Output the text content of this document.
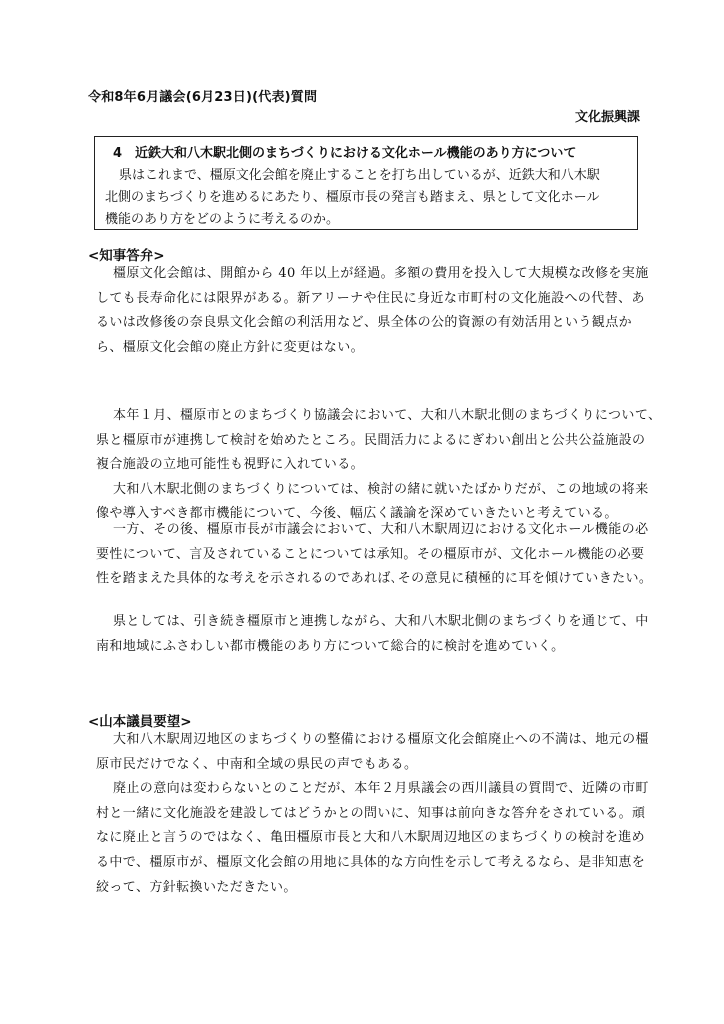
令和8年6月議会(6月23日)(代表)質問
文化振興課
4　近鉄大和八木駅北側のまちづくりにおける文化ホール機能のあり方について
県はこれまで、橿原文化会館を廃止することを打ち出しているが、近鉄大和八木駅
北側のまちづくりを進めるにあたり、橿原市長の発言も踏まえ、県として文化ホール
機能のあり方をどのように考えるのか。
<知事答弁>
橿原文化会館は、開館から 40 年以上が経過。多額の費用を投入して大規模な改修を実施
しても長寿命化には限界がある。新アリーナや住民に身近な市町村の文化施設への代替、あ
るいは改修後の奈良県文化会館の利活用など、県全体の公的資源の有効活用という観点か
ら、橿原文化会館の廃止方針に変更はない。
本年１月、橿原市とのまちづくり協議会において、大和八木駅北側のまちづくりについて、
県と橿原市が連携して検討を始めたところ。民間活力によるにぎわい創出と公共公益施設の
複合施設の立地可能性も視野に入れている。
大和八木駅北側のまちづくりについては、検討の緒に就いたばかりだが、この地域の将来
像や導入すべき都市機能について、今後、幅広く議論を深めていきたいと考えている。
一方、その後、橿原市長が市議会において、大和八木駅周辺における文化ホール機能の必
要性について、言及されていることについては承知。その橿原市が、文化ホール機能の必要
性を踏まえた具体的な考えを示されるのであれば､その意見に積極的に耳を傾けていきたい。
県としては、引き続き橿原市と連携しながら、大和八木駅北側のまちづくりを通じて、中
南和地域にふさわしい都市機能のあり方について総合的に検討を進めていく。
<山本議員要望>
大和八木駅周辺地区のまちづくりの整備における橿原文化会館廃止への不満は、地元の橿
原市民だけでなく、中南和全域の県民の声でもある。
廃止の意向は変わらないとのことだが、本年２月県議会の西川議員の質問で、近隣の市町
村と一緒に文化施設を建設してはどうかとの問いに、知事は前向きな答弁をされている。頑
なに廃止と言うのではなく、亀田橿原市長と大和八木駅周辺地区のまちづくりの検討を進め
る中で、橿原市が、橿原文化会館の用地に具体的な方向性を示して考えるなら、是非知恵を
絞って、方針転換いただきたい。
